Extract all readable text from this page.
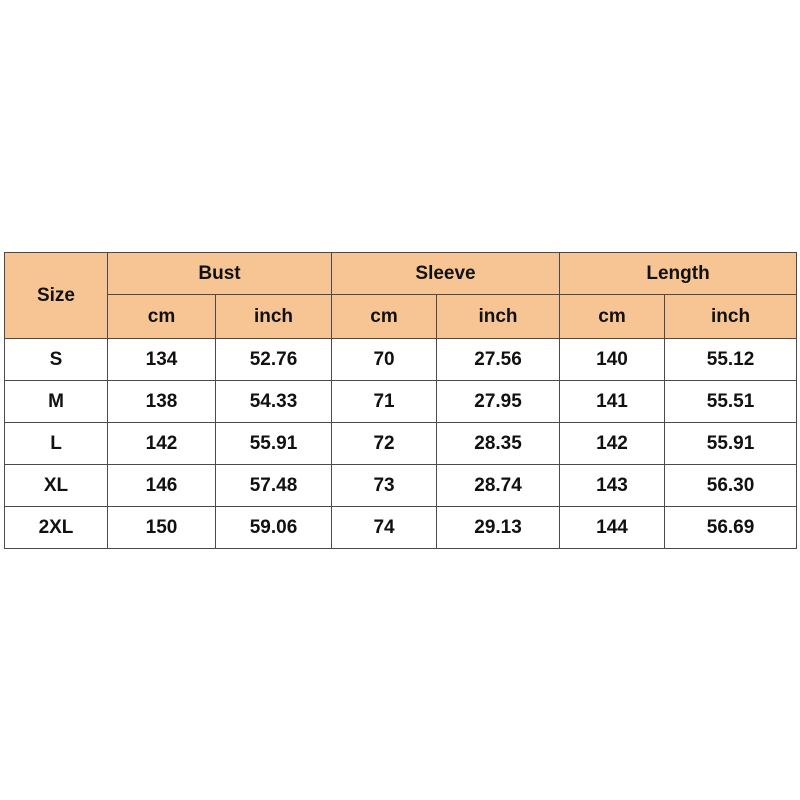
Size	Bust		Sleeve		Length	
	cm	inch	cm	inch	cm	inch
S	134	52.76	70	27.56	140	55.12
M	138	54.33	71	27.95	141	55.51
L	142	55.91	72	28.35	142	55.91
XL	146	57.48	73	28.74	143	56.30
2XL	150	59.06	74	29.13	144	56.69
